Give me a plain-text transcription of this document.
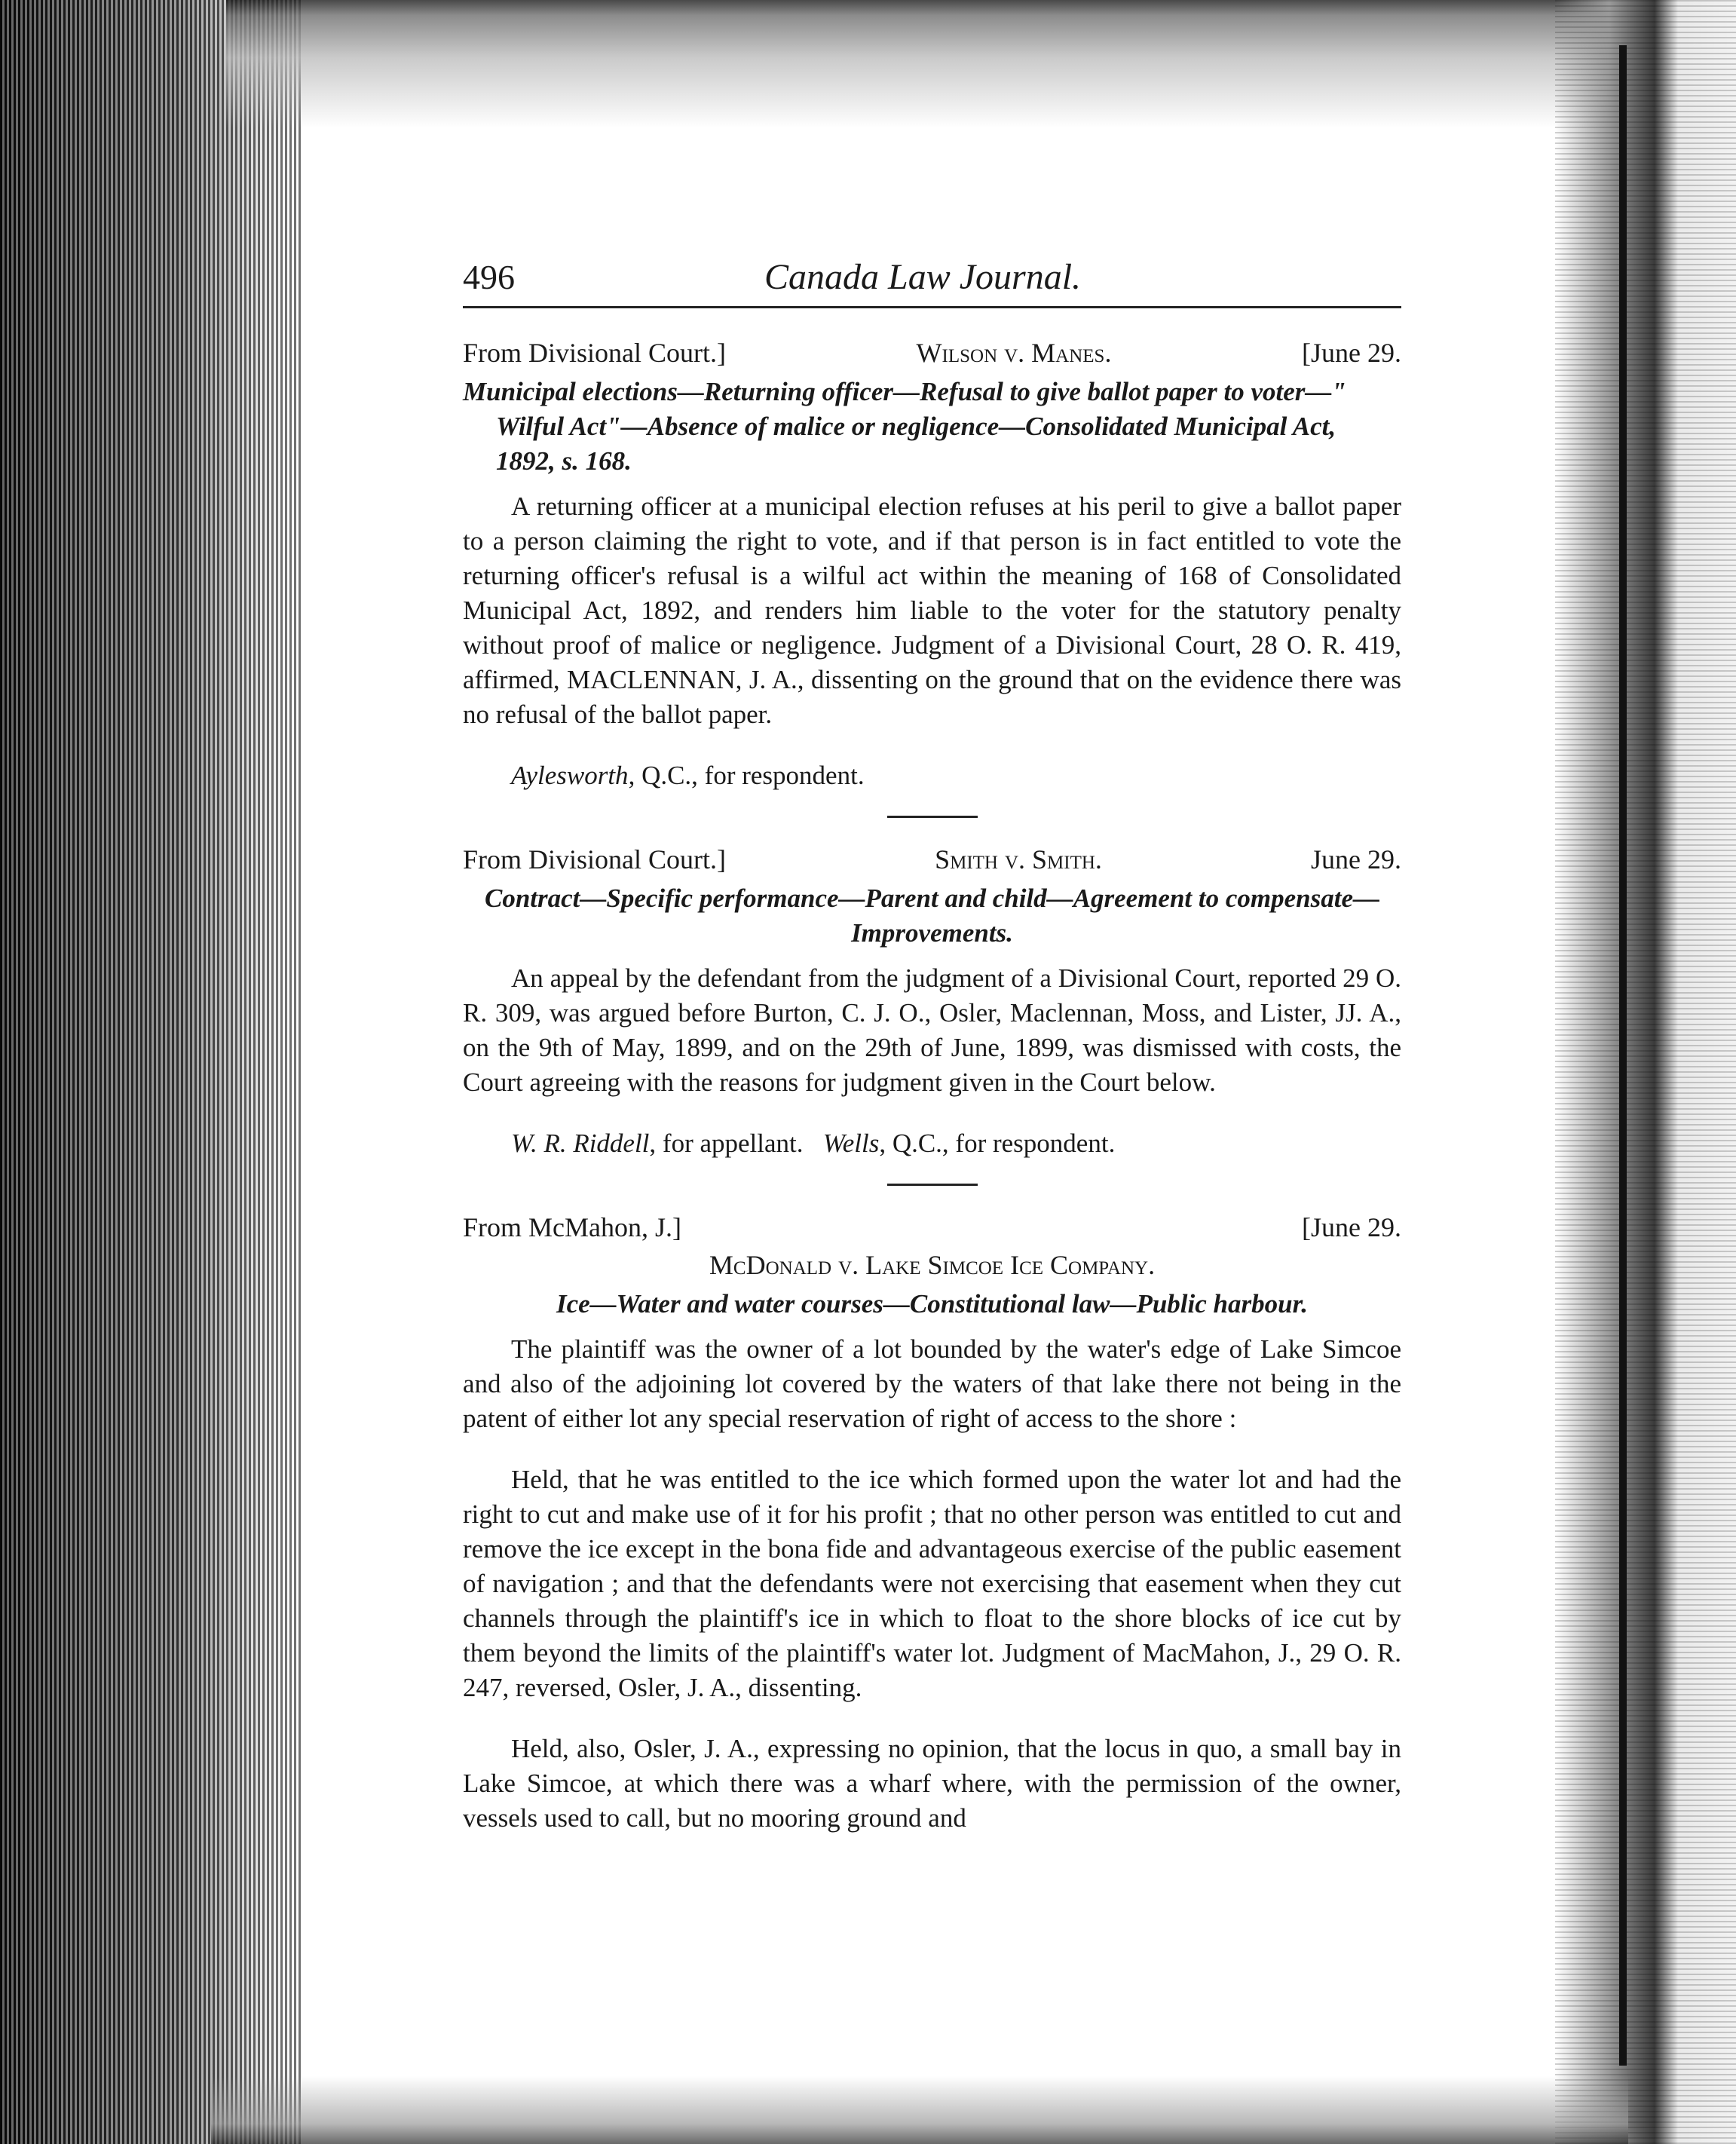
496	Canada Law Journal.
From Divisional Court.]	Wilson v. Manes.	[June 29.
Municipal elections—Returning officer—Refusal to give ballot paper to voter—" Wilful Act"—Absence of malice or negligence—Consolidated Municipal Act, 1892, s. 168.

A returning officer at a municipal election refuses at his peril to give a ballot paper to a person claiming the right to vote, and if that person is in fact entitled to vote the returning officer's refusal is a wilful act within the meaning of 168 of Consolidated Municipal Act, 1892, and renders him liable to the voter for the statutory penalty without proof of malice or negligence. Judgment of a Divisional Court, 28 O. R. 419, affirmed, MACLENNAN, J. A., dissenting on the ground that on the evidence there was no refusal of the ballot paper.

Aylesworth, Q.C., for respondent.
From Divisional Court.]	Smith v. Smith.	June 29.
Contract—Specific performance—Parent and child—Agreement to compensate—Improvements.

An appeal by the defendant from the judgment of a Divisional Court, reported 29 O. R. 309, was argued before Burton, C. J. O., Osler, Maclennan, Moss, and Lister, JJ. A., on the 9th of May, 1899, and on the 29th of June, 1899, was dismissed with costs, the Court agreeing with the reasons for judgment given in the Court below.

W. R. Riddell, for appellant. Wells, Q.C., for respondent.
From McMahon, J.]	[June 29.
McDonald v. Lake Simcoe Ice Company.
Ice—Water and water courses—Constitutional law—Public harbour.

The plaintiff was the owner of a lot bounded by the water's edge of Lake Simcoe and also of the adjoining lot covered by the waters of that lake there not being in the patent of either lot any special reservation of right of access to the shore :

Held, that he was entitled to the ice which formed upon the water lot and had the right to cut and make use of it for his profit ; that no other person was entitled to cut and remove the ice except in the bona fide and advantageous exercise of the public easement of navigation ; and that the defendants were not exercising that easement when they cut channels through the plaintiff's ice in which to float to the shore blocks of ice cut by them beyond the limits of the plaintiff's water lot. Judgment of MacMahon, J., 29 O. R. 247, reversed, Osler, J. A., dissenting.

Held, also, Osler, J. A., expressing no opinion, that the locus in quo, a small bay in Lake Simcoe, at which there was a wharf where, with the permission of the owner, vessels used to call, but no mooring ground and
